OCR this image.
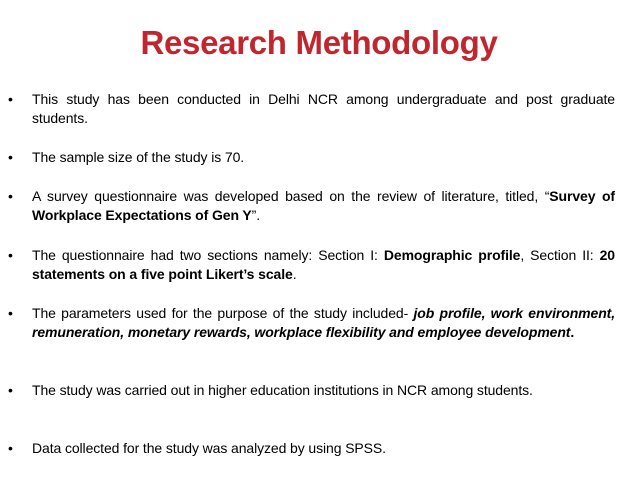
Research Methodology
• This study has been conducted in Delhi NCR among undergraduate and post graduate students.
• The sample size of the study is 70.
• A survey questionnaire was developed based on the review of literature, titled, “Survey of Workplace Expectations of Gen Y”.
• The questionnaire had two sections namely: Section I: Demographic profile, Section II: 20 statements on a five point Likert’s scale.
• The parameters used for the purpose of the study included- job profile, work environment, remuneration, monetary rewards, workplace flexibility and employee development.
• The study was carried out in higher education institutions in NCR among students.
• Data collected for the study was analyzed by using SPSS.
